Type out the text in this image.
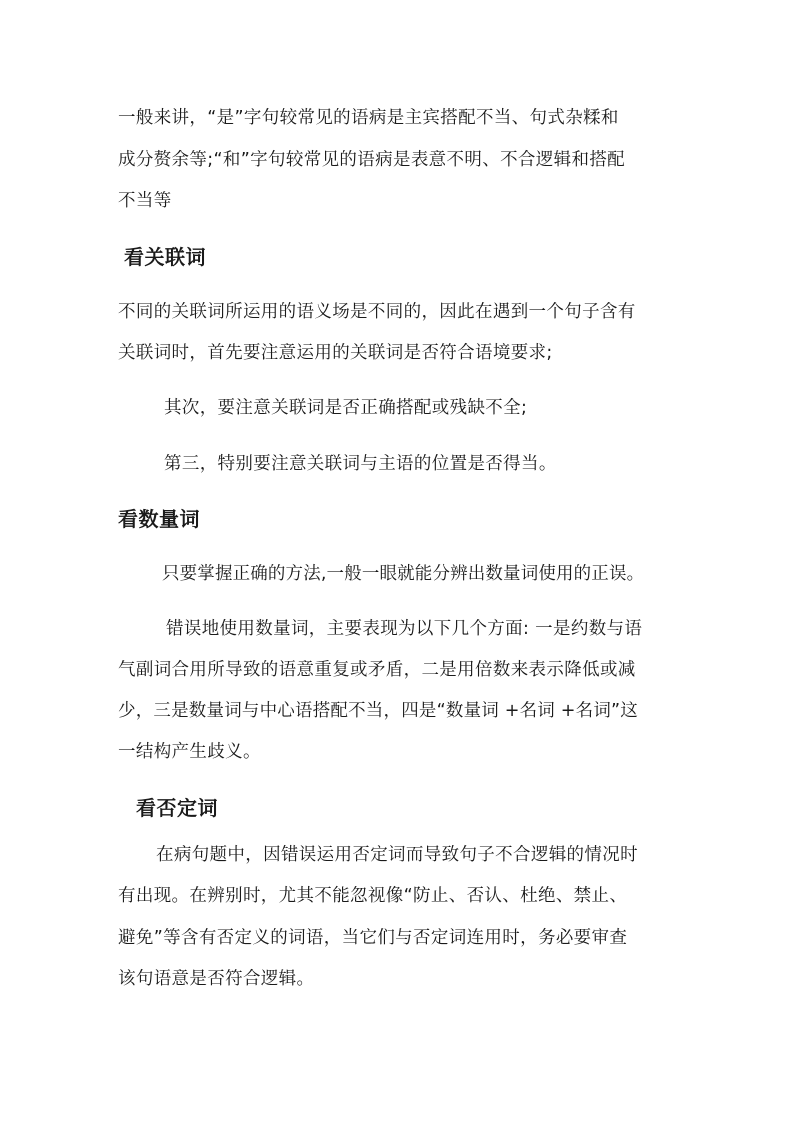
一般来讲，“是”字句较常见的语病是主宾搭配不当、句式杂糅和
成分赘余等;“和”字句较常见的语病是表意不明、不合逻辑和搭配
不当等
看关联词
不同的关联词所运用的语义场是不同的，因此在遇到一个句子含有
关联词时，首先要注意运用的关联词是否符合语境要求;
其次，要注意关联词是否正确搭配或残缺不全;
第三，特别要注意关联词与主语的位置是否得当。
看数量词
只要掌握正确的方法,一般一眼就能分辨出数量词使用的正误。
错误地使用数量词，主要表现为以下几个方面: 一是约数与语
气副词合用所导致的语意重复或矛盾，二是用倍数来表示降低或减
少，三是数量词与中心语搭配不当，四是“数量词 +名词 +名词”这
一结构产生歧义。
看否定词
在病句题中，因错误运用否定词而导致句子不合逻辑的情况时
有出现。在辨别时，尤其不能忽视像“防止、否认、杜绝、禁止、
避免”等含有否定义的词语，当它们与否定词连用时，务必要审查
该句语意是否符合逻辑。
